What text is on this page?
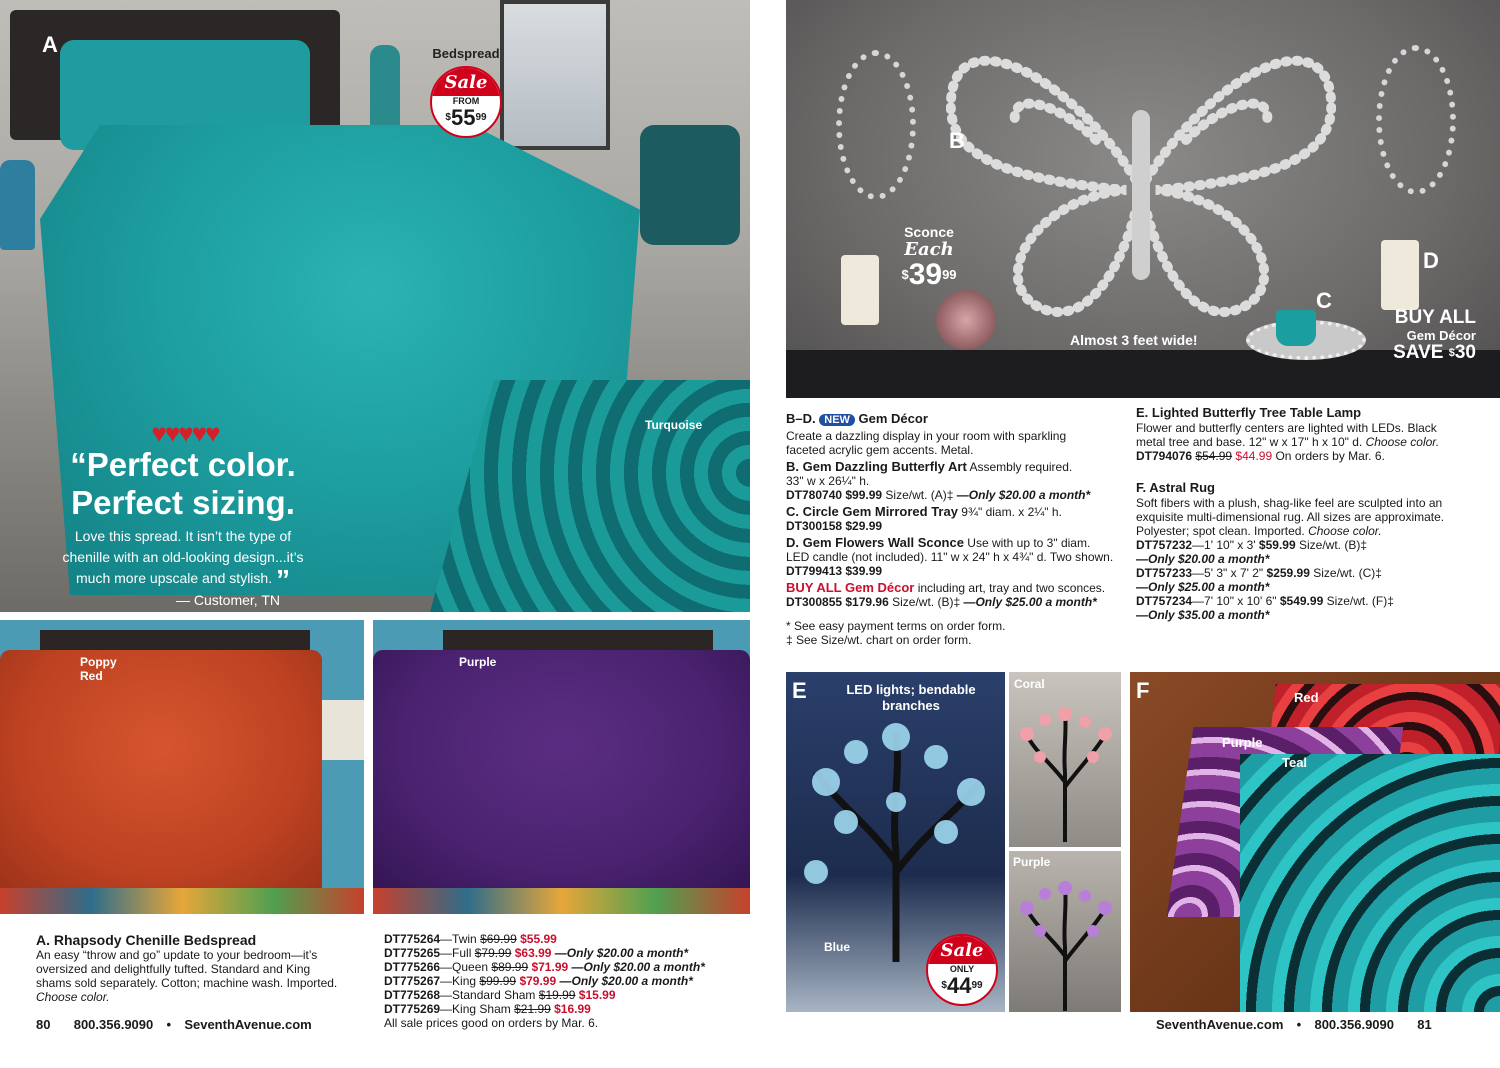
A
Turquoise
Bedspread
Sale
FROM
$^{\$}55^{99}$
♥♥♥♥♥
“Perfect color.
Perfect sizing.
Love this spread. It isn’t the type of
chenille with an old-looking design...it’s
much more upscale and stylish. ”
— Customer, TN
Poppy
Red
Purple
A. Rhapsody Chenille Bedspread
An easy “throw and go” update to your bedroom—it’s
oversized and delightfully tufted. Standard and King
shams sold separately. Cotton; machine wash. Imported.
Choose color.
DT775264—Twin $69.99 $55.99
DT775265—Full $79.99 $63.99 —Only $20.00 a month*
DT775266—Queen $89.99 $71.99 —Only $20.00 a month*
DT775267—King $99.99 $79.99 —Only $20.00 a month*
DT775268—Standard Sham $19.99 $15.99
DT775269—King Sham $21.99 $16.99
All sale prices good on orders by Mar. 6.
80 800.356.9090 • SeventhAvenue.com
B
C
D
Sconce
Each
$^{\$}39^{99}$
Almost 3 feet wide!
BUY ALL
Gem Décor
SAVE $30
B–D. NEW Gem Décor
Create a dazzling display in your room with sparkling
faceted acrylic gem accents. Metal.
B. Gem Dazzling Butterfly Art Assembly required.
33" w x 26¼" h.
DT780740 $99.99 Size/wt. (A)‡ —Only $20.00 a month*
C. Circle Gem Mirrored Tray 9¾" diam. x 2¼" h.
DT300158 $29.99
D. Gem Flowers Wall Sconce Use with up to 3" diam.
LED candle (not included). 11" w x 24" h x 4¾" d. Two shown.
DT799413 $39.99
BUY ALL Gem Décor including art, tray and two sconces.
DT300855 $179.96 Size/wt. (B)‡ —Only $25.00 a month*
* See easy payment terms on order form.
‡ See Size/wt. chart on order form.
E. Lighted Butterfly Tree Table Lamp
Flower and butterfly centers are lighted with LEDs. Black
metal tree and base. 12" w x 17" h x 10" d. Choose color.
DT794076 $54.99 $44.99 On orders by Mar. 6.
F. Astral Rug
Soft fibers with a plush, shag-like feel are sculpted into an
exquisite multi-dimensional rug. All sizes are approximate.
Polyester; spot clean. Imported. Choose color.
DT757232—1' 10" x 3' $59.99 Size/wt. (B)‡
—Only $20.00 a month*
DT757233—5' 3" x 7' 2" $259.99 Size/wt. (C)‡
—Only $25.00 a month*
DT757234—7' 10" x 10' 6" $549.99 Size/wt. (F)‡
—Only $35.00 a month*
E	LED lights; bendable
branches
Blue	Sale
ONLY
$^{\$}44^{99}$
Coral
Purple
F	Red
Purple
Teal
SeventhAvenue.com • 800.356.9090 81
